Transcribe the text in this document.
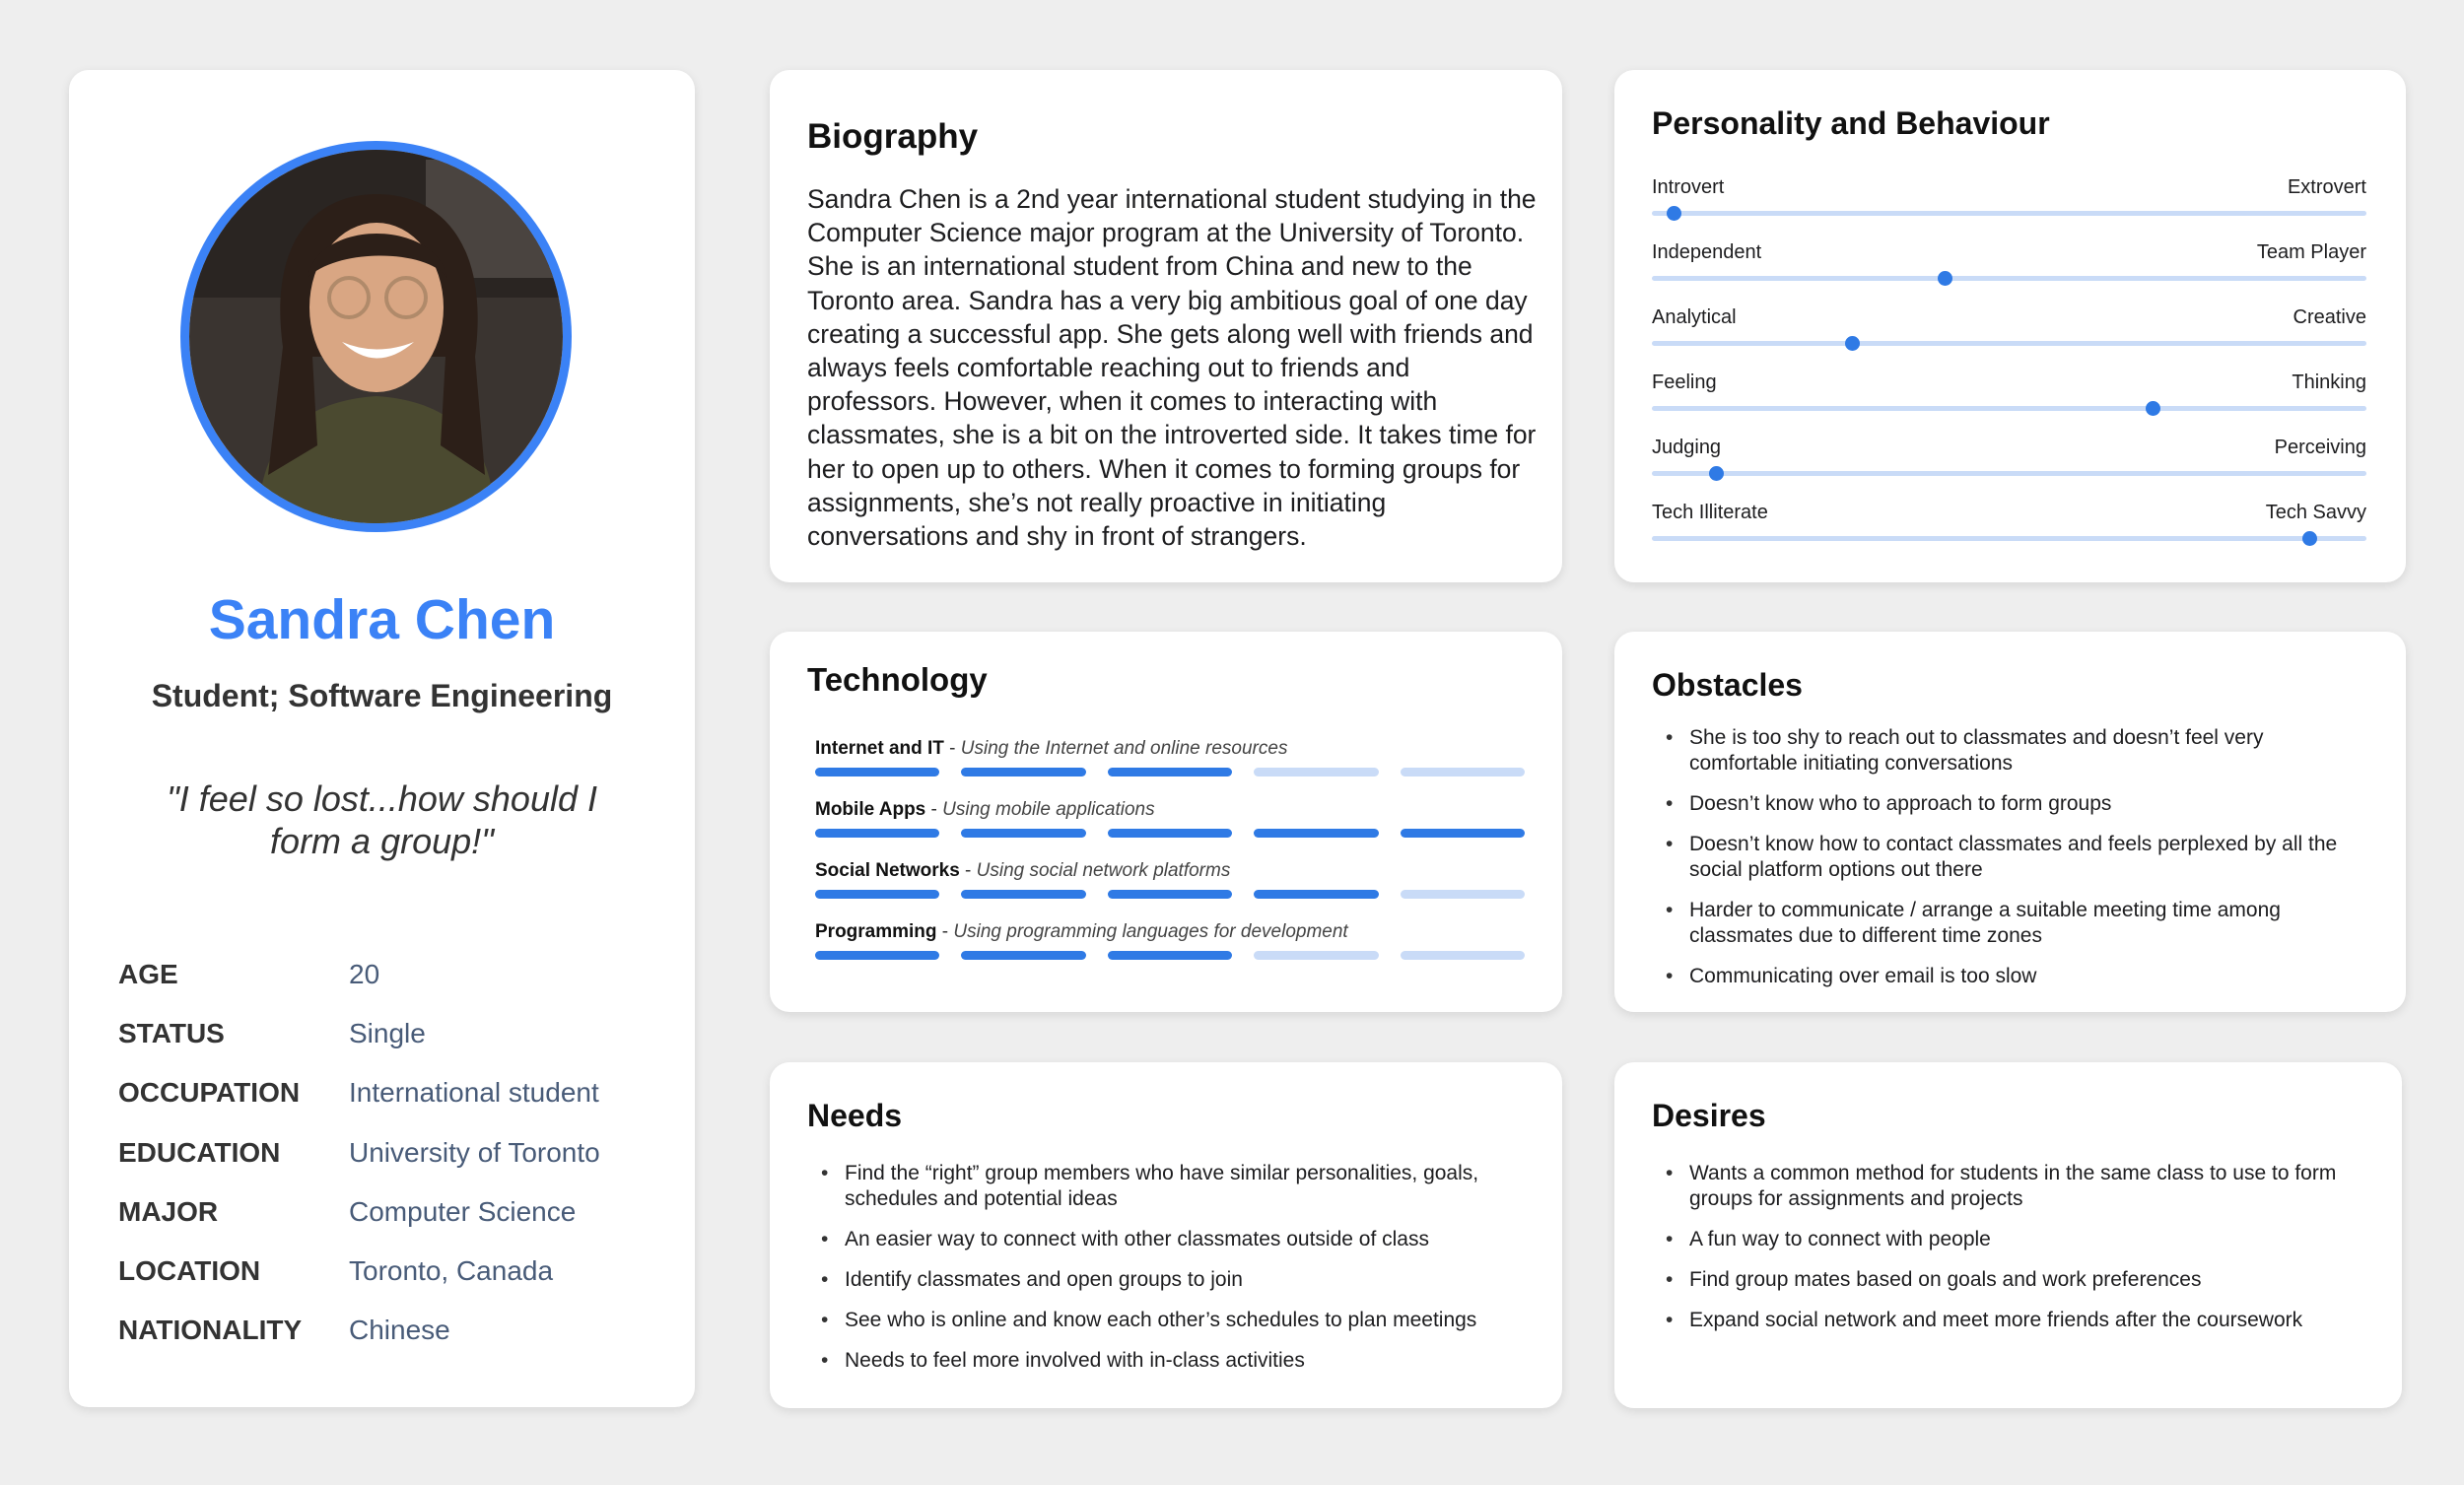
Sandra Chen
Student; Software Engineering
"I feel so lost...how should I form a group!"
AGE	20
STATUS	Single
OCCUPATION	International student
EDUCATION	University of Toronto
MAJOR	Computer Science
LOCATION	Toronto, Canada
NATIONALITY	Chinese
Biography

Sandra Chen is a 2nd year international student studying in the Computer Science major program at the University of Toronto. She is an international student from China and new to the Toronto area. Sandra has a very big ambitious goal of one day creating a successful app. She gets along well with friends and always feels comfortable reaching out to friends and professors. However, when it comes to interacting with classmates, she is a bit on the introverted side. It takes time for her to open up to others. When it comes to forming groups for assignments, she’s not really proactive in initiating conversations and shy in front of strangers.

Personality and Behaviour
Introvert	Extrovert
Independent	Team Player
Analytical	Creative
Feeling	Thinking
Judging	Perceiving
Tech Illiterate	Tech Savvy
Technology
Internet and IT - Using the Internet and online resources
Mobile Apps - Using mobile applications
Social Networks - Using social network platforms
Programming - Using programming languages for development
Obstacles
• She is too shy to reach out to classmates and doesn’t feel very comfortable initiating conversations
• Doesn’t know who to approach to form groups
• Doesn’t know how to contact classmates and feels perplexed by all the social platform options out there
• Harder to communicate / arrange a suitable meeting time among classmates due to different time zones
• Communicating over email is too slow
Needs
• Find the “right” group members who have similar personalities, goals, schedules and potential ideas
• An easier way to connect with other classmates outside of class
• Identify classmates and open groups to join
• See who is online and know each other’s schedules to plan meetings
• Needs to feel more involved with in-class activities
Desires
• Wants a common method for students in the same class to use to form groups for assignments and projects
• A fun way to connect with people
• Find group mates based on goals and work preferences
• Expand social network and meet more friends after the coursework
